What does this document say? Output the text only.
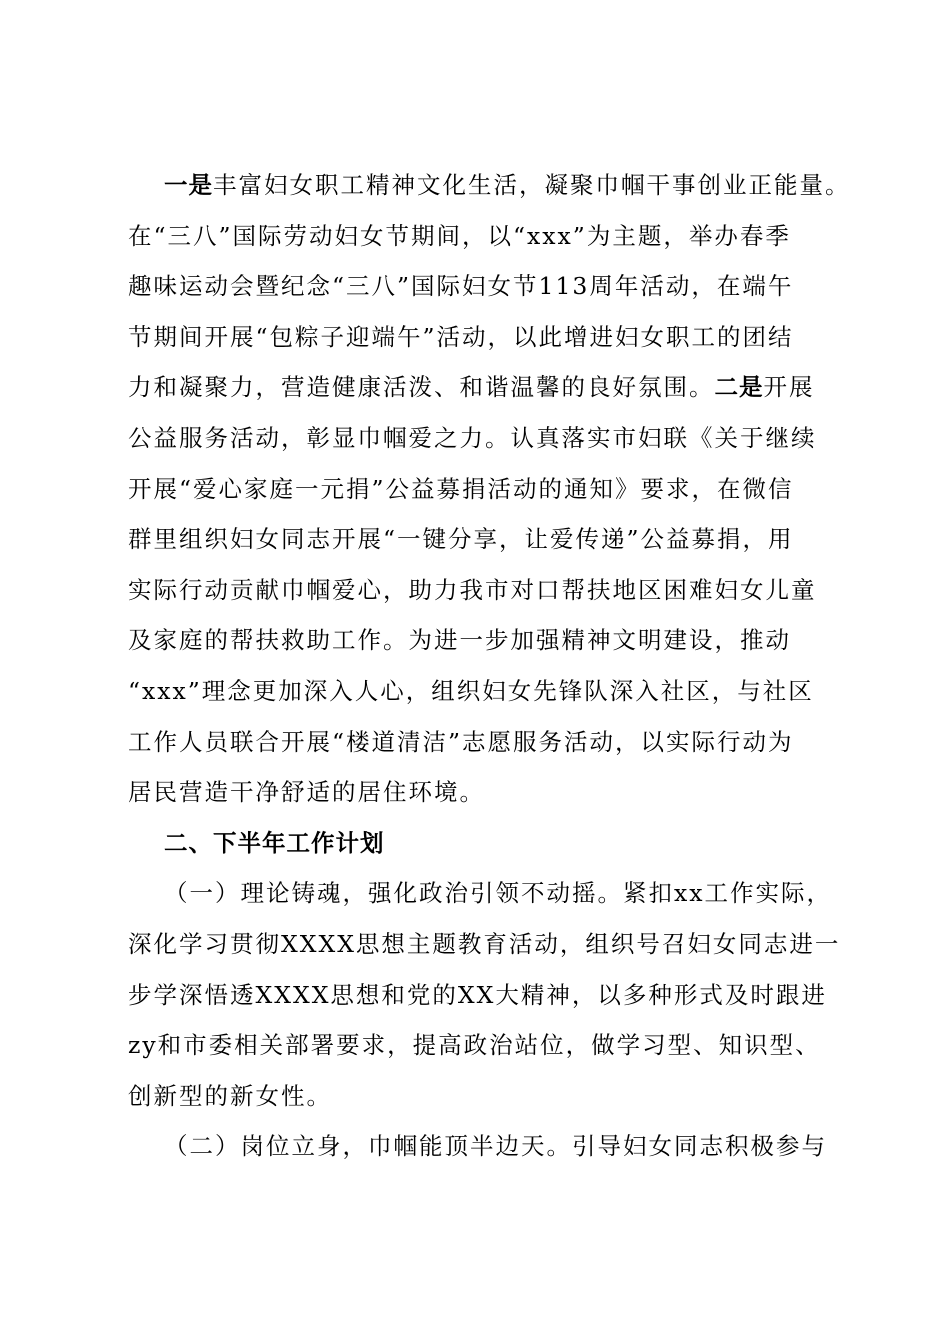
一是丰富妇女职工精神文化生活，凝聚巾帼干事创业正能量。
在“三八”国际劳动妇女节期间，以“xxx”为主题，举办春季
趣味运动会暨纪念“三八”国际妇女节113周年活动，在端午
节期间开展“包粽子迎端午”活动，以此增进妇女职工的团结
力和凝聚力，营造健康活泼、和谐温馨的良好氛围。二是开展
公益服务活动，彰显巾帼爱之力。认真落实市妇联《关于继续
开展“爱心家庭一元捐”公益募捐活动的通知》要求，在微信
群里组织妇女同志开展“一键分享，让爱传递”公益募捐，用
实际行动贡献巾帼爱心，助力我市对口帮扶地区困难妇女儿童
及家庭的帮扶救助工作。为进一步加强精神文明建设，推动
“xxx”理念更加深入人心，组织妇女先锋队深入社区，与社区
工作人员联合开展“楼道清洁”志愿服务活动，以实际行动为
居民营造干净舒适的居住环境。
二、下半年工作计划
（一）理论铸魂，强化政治引领不动摇。紧扣xx工作实际，
深化学习贯彻XXXX思想主题教育活动，组织号召妇女同志进一
步学深悟透XXXX思想和党的XX大精神，以多种形式及时跟进
zy和市委相关部署要求，提高政治站位，做学习型、知识型、
创新型的新女性。
（二）岗位立身，巾帼能顶半边天。引导妇女同志积极参与
